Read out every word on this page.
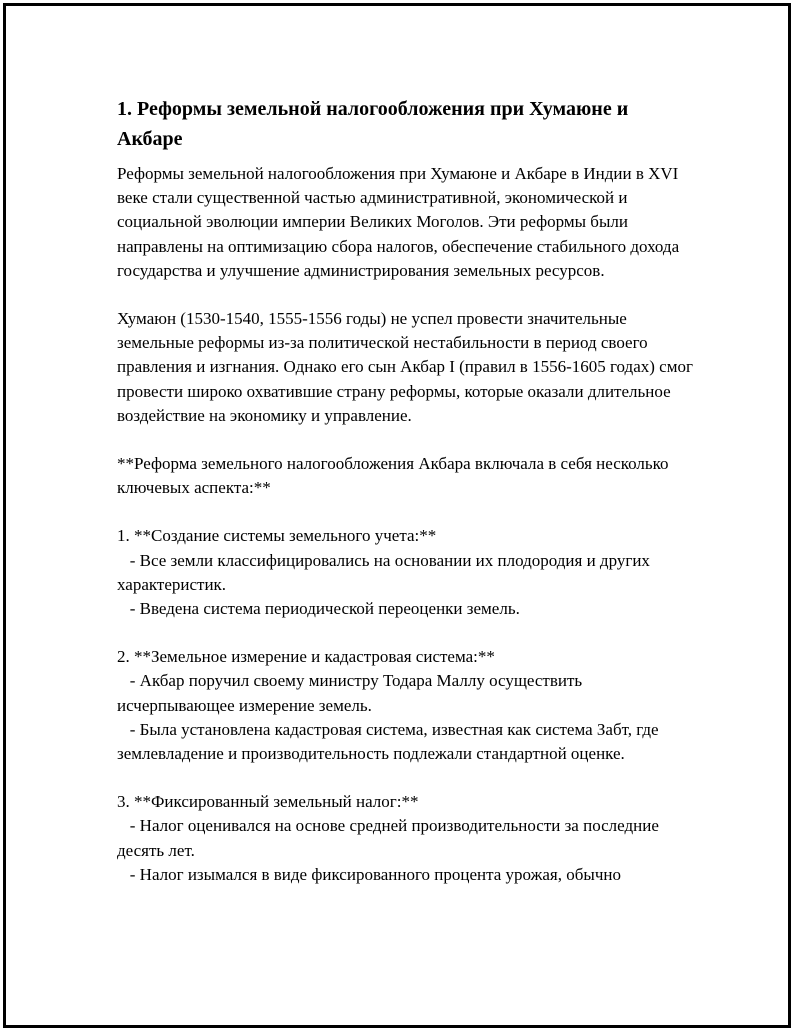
1. Реформы земельной налогообложения при Хумаюне и Акбаре

Реформы земельной налогообложения при Хумаюне и Акбаре в Индии в XVI веке стали существенной частью административной, экономической и социальной эволюции империи Великих Моголов. Эти реформы были направлены на оптимизацию сбора налогов, обеспечение стабильного дохода государства и улучшение администрирования земельных ресурсов.

Хумаюн (1530-1540, 1555-1556 годы) не успел провести значительные земельные реформы из-за политической нестабильности в период своего правления и изгнания. Однако его сын Акбар I (правил в 1556-1605 годах) смог провести широко охватившие страну реформы, которые оказали длительное воздействие на экономику и управление.

**Реформа земельного налогообложения Акбара включала в себя несколько ключевых аспекта:**

1. **Создание системы земельного учета:**

- Все земли классифицировались на основании их плодородия и других характеристик.

- Введена система периодической переоценки земель.

2. **Земельное измерение и кадастровая система:**

- Акбар поручил своему министру Тодара Маллу осуществить исчерпывающее измерение земель.

- Была установлена кадастровая система, известная как система Забт, где землевладение и производительность подлежали стандартной оценке.

3. **Фиксированный земельный налог:**

- Налог оценивался на основе средней производительности за последние десять лет.

- Налог изымался в виде фиксированного процента урожая, обычно
